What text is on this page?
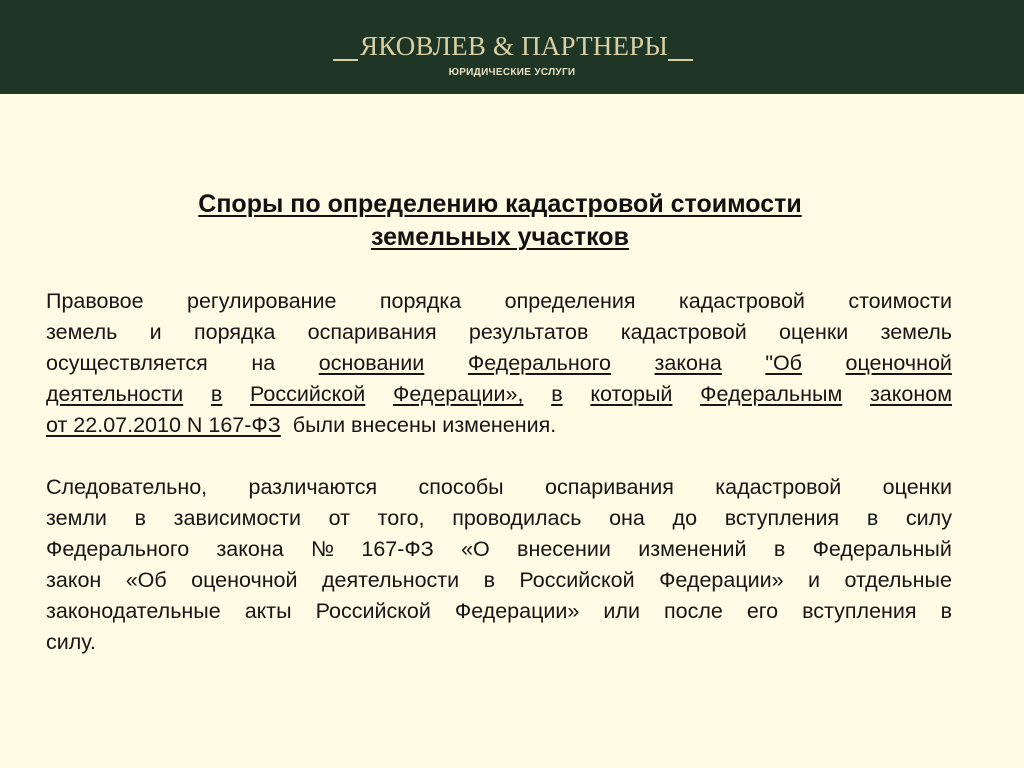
ЯКОВЛЕВ & ПАРТНЕРЫ
ЮРИДИЧЕСКИЕ УСЛУГИ
Споры по определению кадастровой стоимости
земельных участков
Правовое регулирование порядка определения кадастровой стоимости
земель и порядка оспаривания результатов кадастровой оценки земель
осуществляется на основании Федерального закона "Об оценочной
деятельности в Российской Федерации», в который Федеральным законом
от 22.07.2010 N 167-ФЗ были внесены изменения.
Следовательно, различаются способы оспаривания кадастровой оценки
земли в зависимости от того, проводилась она до вступления в силу
Федерального закона № 167-ФЗ «О внесении изменений в Федеральный
закон «Об оценочной деятельности в Российской Федерации» и отдельные
законодательные акты Российской Федерации» или после его вступления в
силу.
